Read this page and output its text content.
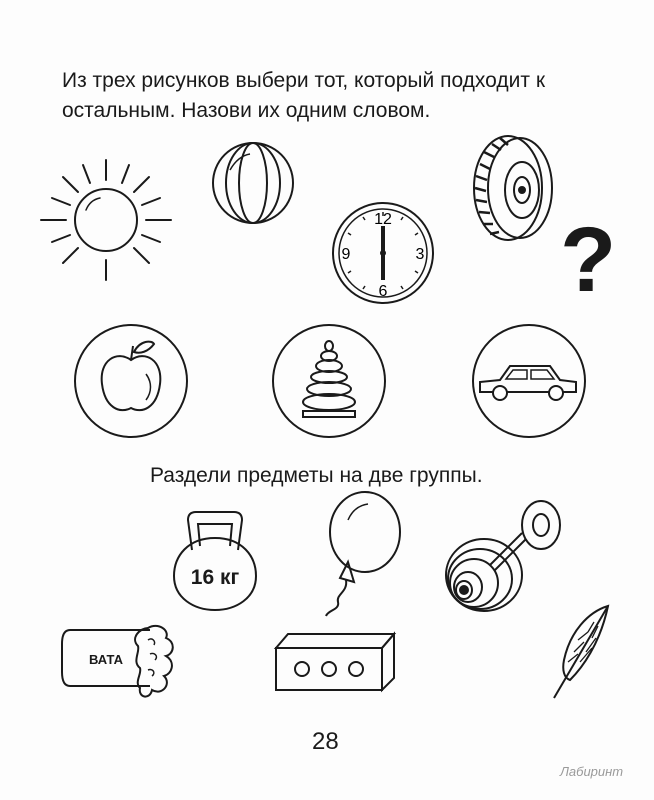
Из трех рисунков выбери тот, который подходит к остальным. Назови их одним словом.
12
3
6
9 ?
Раздели предметы на две группы.
16 кг
ВАТА
28
Лабиринт
